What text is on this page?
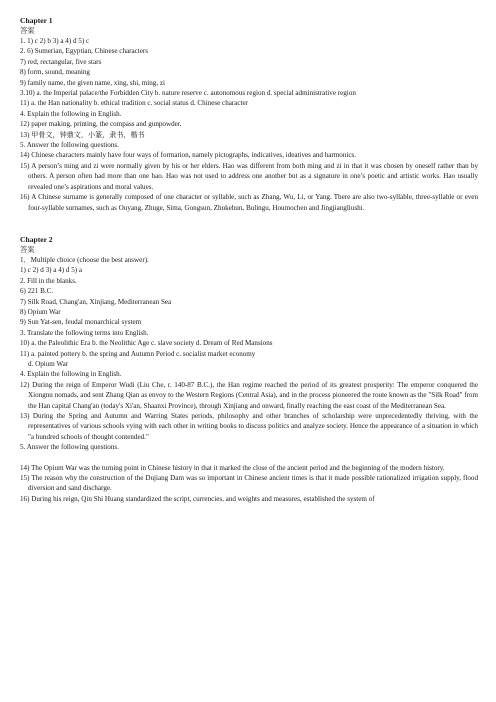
Chapter 1
答案
1. 1) c 2) b 3) a 4) d 5) c
2. 6) Sumerian, Egyptian, Chinese characters
7) red, rectangular, five stars
8) form, sound, meaning
9) family name, the given name, xing, shi, ming, zi
3.10) a. the Imperial palace/the Forbidden City b. nature reserve c. autonomous region d. special administrative region
11) a. the Han nationality b. ethical tradition c. social status d. Chinese character
4. Explain the following in English.
12) paper making, printing, the compass and gunpowder.
13) 甲骨文，钟鼎文，小篆，隶书，楷书
5. Answer the following questions.
14) Chinese characters mainly have four ways of formation, namely pictographs, indicatives, ideatives and harmonics.
15) A person’s ming and zi were normally given by his or her elders. Hao was different from both ming and zi in that it was chosen by oneself rather than by others. A person often had more than one hao. Hao was not used to address one another but as a signature in one’s poetic and artistic works. Hao usually revealed one’s aspirations and moral values.
16) A Chinese surname is generally composed of one character or syllable, such as Zhang, Wu, Li, or Yang. There are also two-syllable, three-syllable or even four-syllable surnames, such as Ouyang, Zhuge, Sima, Gongsun, Zhukehun, Bulingu, Houmochen and Jingjiangliushi.
Chapter 2
答案
1．Multiple choice (choose the best answer).
1) c 2) d 3) a 4) d 5) a
2. Fill in the blanks.
6) 221 B.C.
7) Silk Road, Chang'an, Xinjiang, Mediterranean Sea
8) Opium War
9) Sun Yat-sen, feudal monarchical system
3. Translate the following terms into English.
10) a. the Paleolithic Era b. the Neolithic Age c. slave society d. Dream of Red Mansions
11) a. painted pottery b. the spring and Autumn Period c. socialist market economy
d. Opium War
4. Explain the following in English.
12) During the reign of Emperor Wudi (Liu Che, r. 140-87 B.C.), the Han regime reached the period of its greatest prosperity: The emperor conquered the Xiongnu nomads, and sent Zhang Qian as envoy to the Western Regions (Central Asia), and in the process pioneered the route known as the "Silk Road" from the Han capital Chang'an (today's Xi'an, Shaanxi Province), through Xinjiang and onward, finally reaching the east coast of the Mediterranean Sea.
13) During the Spring and Autumn and Warring States periods, philosophy and other branches of scholarship were unprecedentedly thriving, with the representatives of various schools vying with each other in writing books to discuss politics and analyze society. Hence the appearance of a situation in which "a hundred schools of thought contended."
5. Answer the following questions.
14) The Opium War was the turning point in Chinese history in that it marked the close of the ancient period and the beginning of the modern history.
15) The reason why the construction of the Dujiang Dam was so important in Chinese ancient times is that it made possible rationalized irrigation supply, flood diversion and sand discharge.
16) During his reign, Qin Shi Huang standardized the script, currencies, and weights and measures, established the system of
